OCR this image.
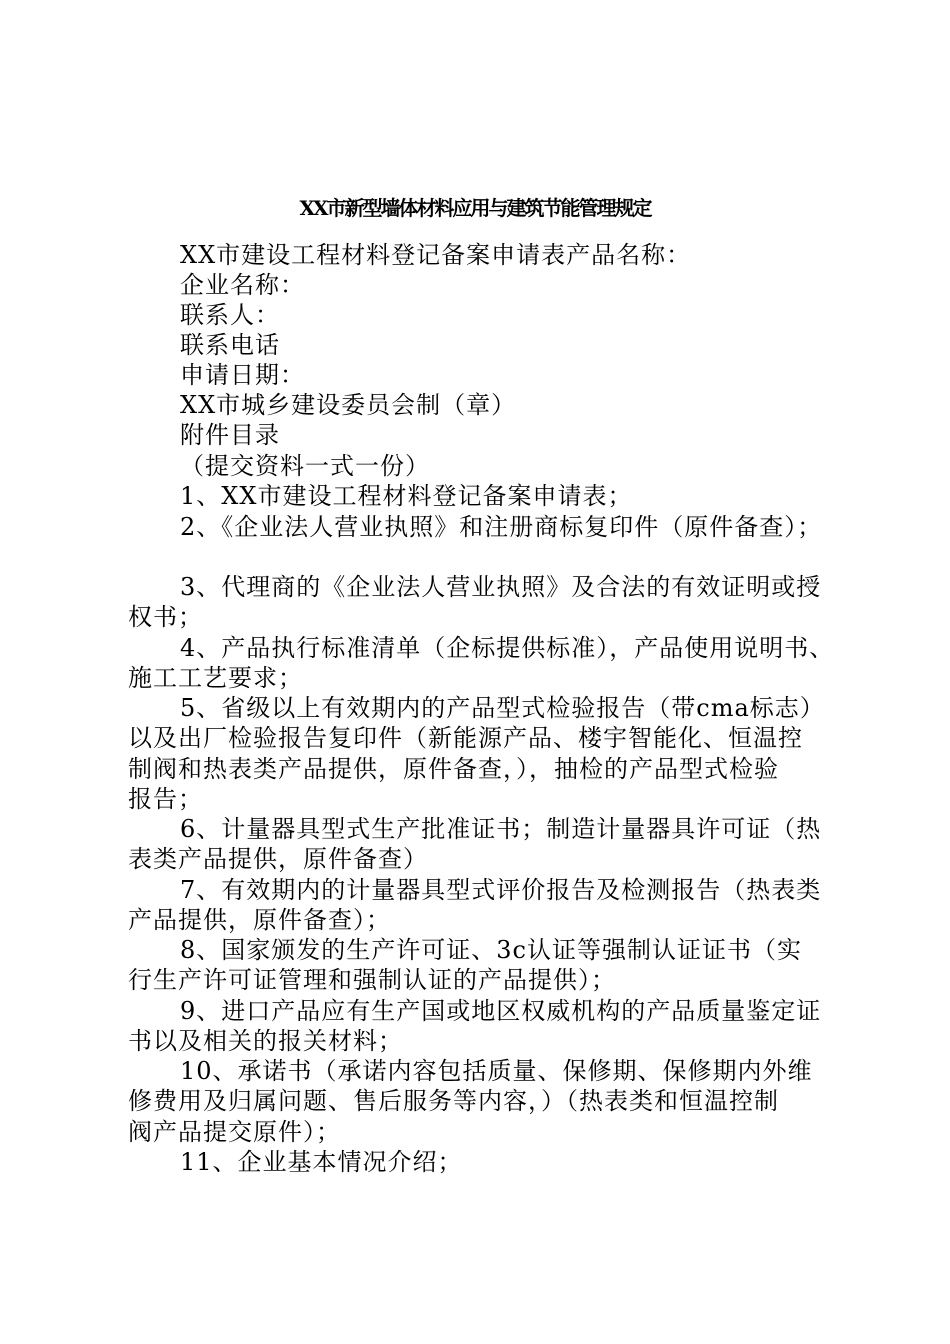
XX市新型墙体材料应用与建筑节能管理规定
XX市建设工程材料登记备案申请表产品名称：
企业名称：
联系人：
联系电话
申请日期：
XX市城乡建设委员会制（章）
附件目录
（提交资料一式一份）
1、XX市建设工程材料登记备案申请表；
2、《企业法人营业执照》和注册商标复印件（原件备查）；
3、代理商的《企业法人营业执照》及合法的有效证明或授
权书；
4、产品执行标准清单（企标提供标准），产品使用说明书、
施工工艺要求；
5、省级以上有效期内的产品型式检验报告（带cma标志）
以及出厂检验报告复印件（新能源产品、楼宇智能化、恒温控
制阀和热表类产品提供，原件备查，），抽检的产品型式检验
报告；
6、计量器具型式生产批准证书；制造计量器具许可证（热
表类产品提供，原件备查）
7、有效期内的计量器具型式评价报告及检测报告（热表类
产品提供，原件备查）；
8、国家颁发的生产许可证、3c认证等强制认证证书（实
行生产许可证管理和强制认证的产品提供）；
9、进口产品应有生产国或地区权威机构的产品质量鉴定证
书以及相关的报关材料；
10、承诺书（承诺内容包括质量、保修期、保修期内外维
修费用及归属问题、售后服务等内容，）（热表类和恒温控制
阀产品提交原件）；
11、企业基本情况介绍；
